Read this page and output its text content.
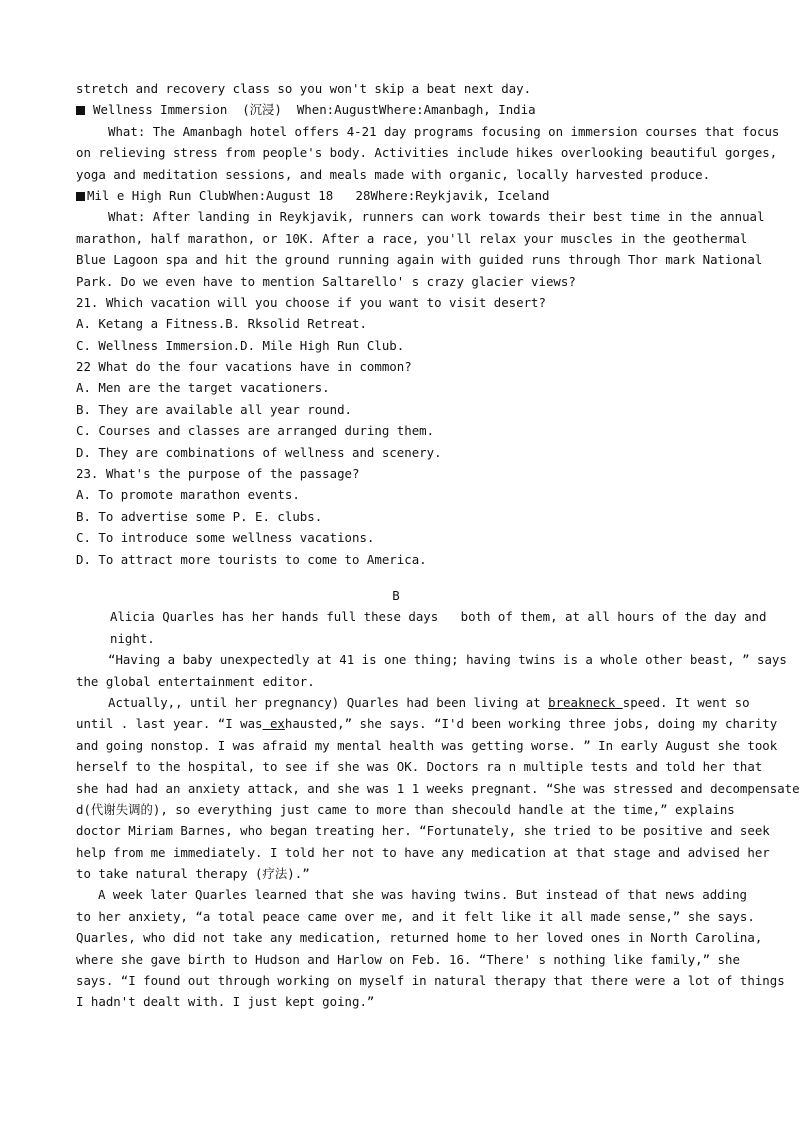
stretch and recovery class so you won't skip a beat next day.
Wellness Immersion  (沉浸)  When:AugustWhere:Amanbagh, India
What: The Amanbagh hotel offers 4-21 day programs focusing on immersion courses that focus
on relieving stress from people's body. Activities include hikes overlooking beautiful gorges,
yoga and meditation sessions, and meals made with organic, locally harvested produce.
Mil e High Run ClubWhen:August 18   28Where:Reykjavik, Iceland
What: After landing in Reykjavik, runners can work towards their best time in the annual
marathon, half marathon, or 10K. After a race, you'll relax your muscles in the geothermal
Blue Lagoon spa and hit the ground running again with guided runs through Thor mark National
Park. Do we even have to mention Saltarello' s crazy glacier views?
21. Which vacation will you choose if you want to visit desert?
A. Ketang a Fitness.B. Rksolid Retreat.
C. Wellness Immersion.D. Mile High Run Club.
22 What do the four vacations have in common?
A. Men are the target vacationers.
B. They are available all year round.
C. Courses and classes are arranged during them.
D. They are combinations of wellness and scenery.
23. What's the purpose of the passage?
A. To promote marathon events.
B. To advertise some P. E. clubs.
C. To introduce some wellness vacations.
D. To attract more tourists to come to America.
B
Alicia Quarles has her hands full these days   both of them, at all hours of the day and
night.
“Having a baby unexpectedly at 41 is one thing; having twins is a whole other beast, ” says
the global entertainment editor.
Actually,, until her pregnancy) Quarles had been living at breakneck speed. It went so
until . last year. “I was exhausted,” she says. “I'd been working three jobs, doing my charity
and going nonstop. I was afraid my mental health was getting worse. ” In early August she took
herself to the hospital, to see if she was OK. Doctors ra n multiple tests and told her that
she had had an anxiety attack, and she was 1 1 weeks pregnant. “She was stressed and decompensate
d(代谢失调的), so everything just came to more than shecould handle at the time,” explains
doctor Miriam Barnes, who began treating her. “Fortunately, she tried to be positive and seek
help from me immediately. I told her not to have any medication at that stage and advised her
to take natural therapy (疗法).”
A week later Quarles learned that she was having twins. But instead of that news adding
to her anxiety, “a total peace came over me, and it felt like it all made sense,” she says.
Quarles, who did not take any medication, returned home to her loved ones in North Carolina,
where she gave birth to Hudson and Harlow on Feb. 16. “There' s nothing like family,” she
says. “I found out through working on myself in natural therapy that there were a lot of things
I hadn't dealt with. I just kept going.”
